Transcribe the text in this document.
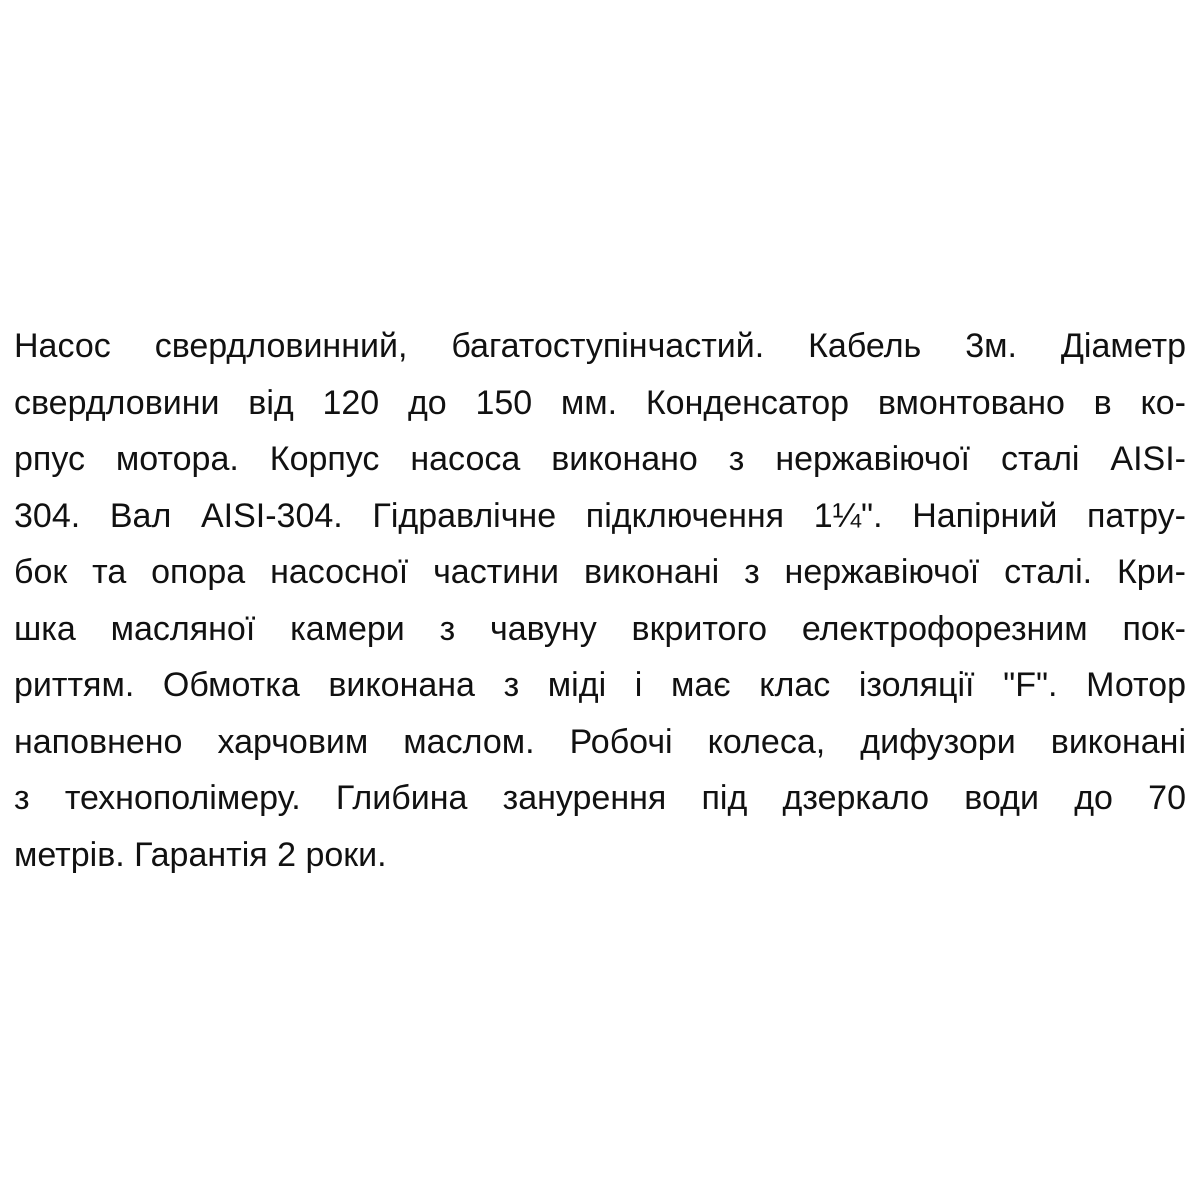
Насос свердловинний, багатоступінчастий. Кабель 3м. Діаметр
свердловини від 120 до 150 мм. Конденсатор вмонтовано в ко-
рпус мотора. Корпус насоса виконано з нержавіючої сталі AISI-
304. Вал AISI-304. Гідравлічне підключення 1¼". Напірний патру-
бок та опора насосної частини виконані з нержавіючої сталі. Кри-
шка масляної камери з чавуну вкритого електрофорезним пок-
риттям. Обмотка виконана з міді і має клас ізоляції "F". Мотор
наповнено харчовим маслом. Робочі колеса, дифузори виконані
з технополімеру. Глибина занурення під дзеркало води до 70
метрів. Гарантія 2 роки.
